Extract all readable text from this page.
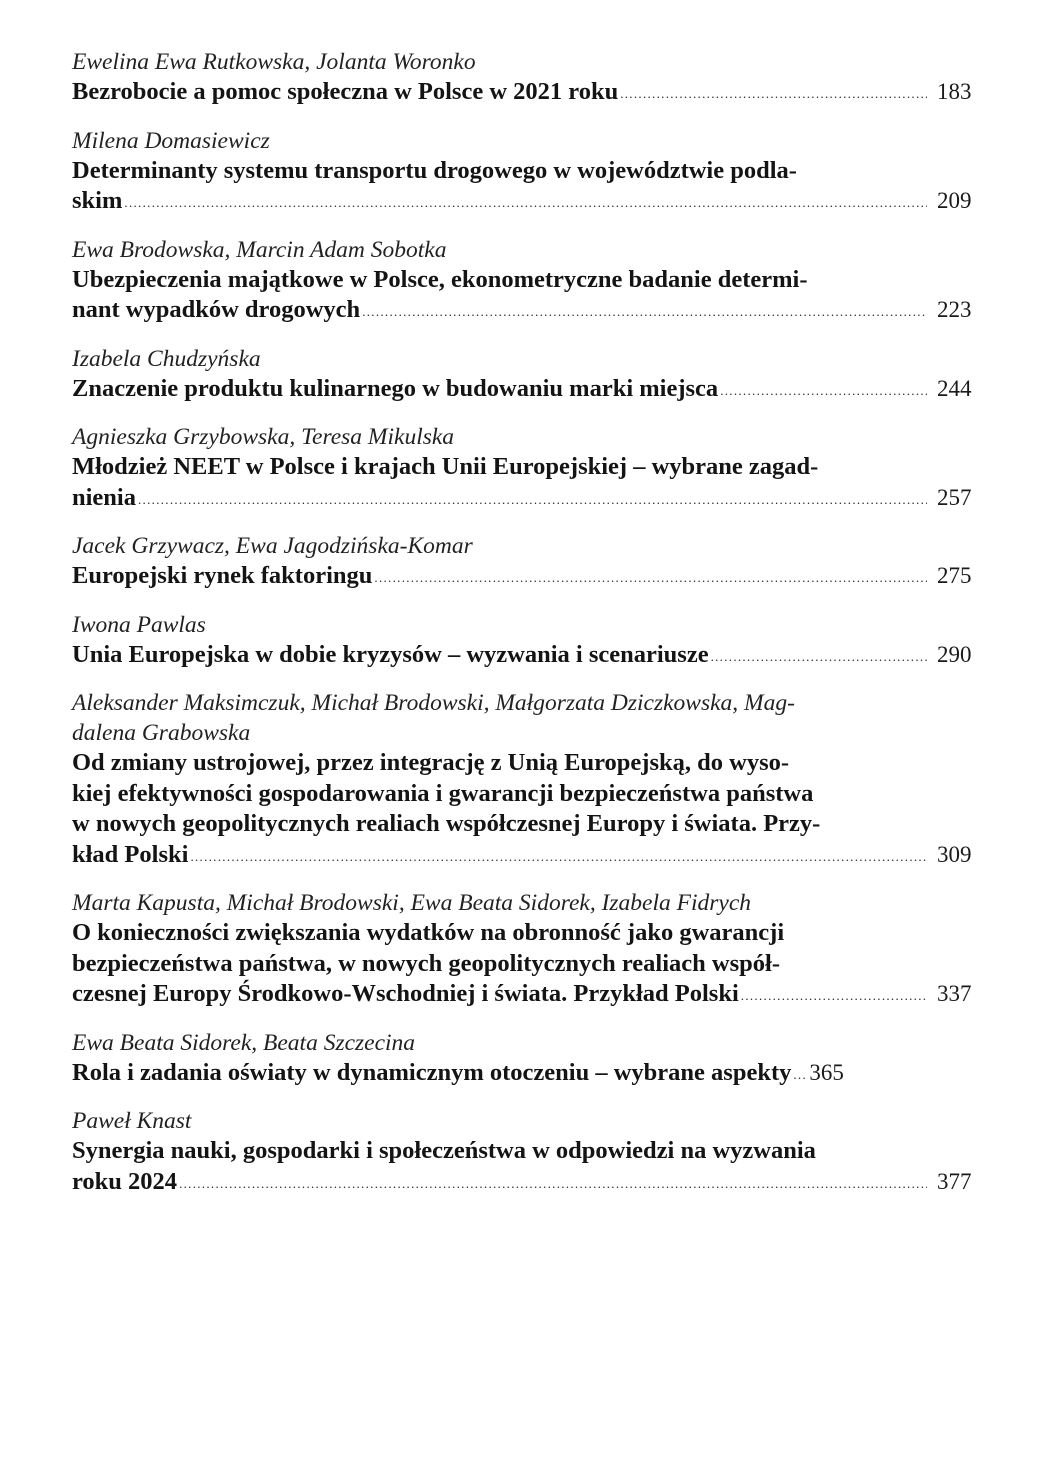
Ewelina Ewa Rutkowska, Jolanta Woronko
Bezrobocie a pomoc społeczna w Polsce w 2021 roku .....	183
Milena Domasiewicz
Determinanty systemu transportu drogowego w województwie podla-
skim .....	209
Ewa Brodowska, Marcin Adam Sobotka
Ubezpieczenia majątkowe w Polsce, ekonometryczne badanie determi-
nant wypadków drogowych .....	223
Izabela Chudzyńska
Znaczenie produktu kulinarnego w budowaniu marki miejsca .....	244
Agnieszka Grzybowska, Teresa Mikulska
Młodzież NEET w Polsce i krajach Unii Europejskiej – wybrane zagad-
nienia .....	257
Jacek Grzywacz, Ewa Jagodzińska-Komar
Europejski rynek faktoringu .....	275
Iwona Pawlas
Unia Europejska w dobie kryzysów – wyzwania i scenariusze .....	290
Aleksander Maksimczuk, Michał Brodowski, Małgorzata Dziczkowska, Mag-
dalena Grabowska
Od zmiany ustrojowej, przez integrację z Unią Europejską, do wyso-
kiej efektywności gospodarowania i gwarancji bezpieczeństwa państwa
w nowych geopolitycznych realiach współczesnej Europy i świata. Przy-
kład Polski .....	309
Marta Kapusta, Michał Brodowski, Ewa Beata Sidorek, Izabela Fidrych
O konieczności zwiększania wydatków na obronność jako gwarancji
bezpieczeństwa państwa, w nowych geopolitycznych realiach współ-
czesnej Europy Środkowo-Wschodniej i świata. Przykład Polski .....	337
Ewa Beata Sidorek, Beata Szczecina
Rola i zadania oświaty w dynamicznym otoczeniu – wybrane aspekty ..... 365
Paweł Knast
Synergia nauki, gospodarki i społeczeństwa w odpowiedzi na wyzwania
roku 2024 .....	377
